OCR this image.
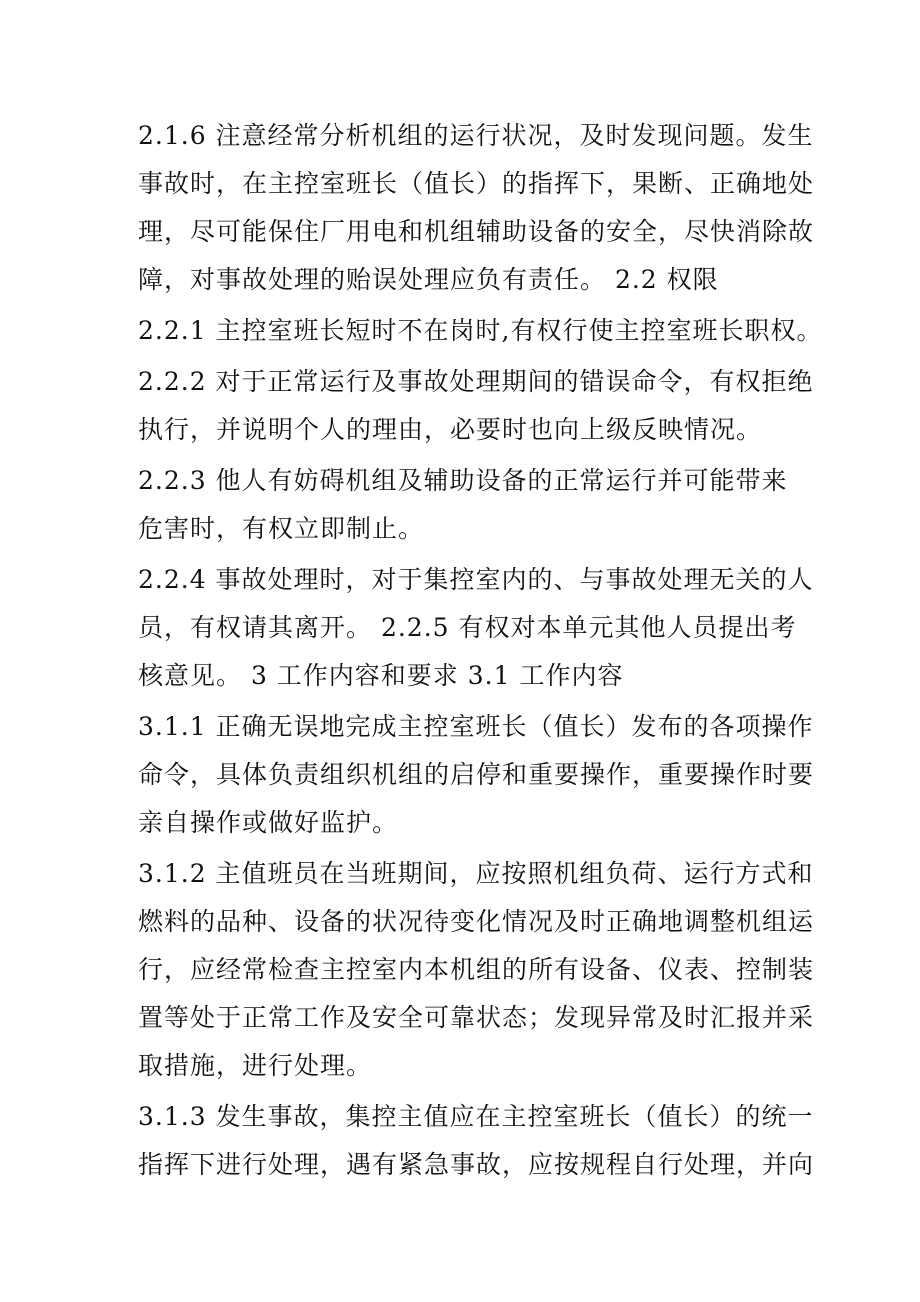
2.1.6 注意经常分析机组的运行状况，及时发现问题。发生
事故时，在主控室班长（值长）的指挥下，果断、正确地处
理，尽可能保住厂用电和机组辅助设备的安全，尽快消除故
障，对事故处理的贻误处理应负有责任。 2.2 权限
2.2.1 主控室班长短时不在岗时,有权行使主控室班长职权。
2.2.2 对于正常运行及事故处理期间的错误命令，有权拒绝
执行，并说明个人的理由，必要时也向上级反映情况。
2.2.3 他人有妨碍机组及辅助设备的正常运行并可能带来
危害时，有权立即制止。
2.2.4 事故处理时，对于集控室内的、与事故处理无关的人
员，有权请其离开。 2.2.5 有权对本单元其他人员提出考
核意见。 3 工作内容和要求 3.1 工作内容
3.1.1 正确无误地完成主控室班长（值长）发布的各项操作
命令，具体负责组织机组的启停和重要操作，重要操作时要
亲自操作或做好监护。
3.1.2 主值班员在当班期间，应按照机组负荷、运行方式和
燃料的品种、设备的状况待变化情况及时正确地调整机组运
行，应经常检查主控室内本机组的所有设备、仪表、控制装
置等处于正常工作及安全可靠状态；发现异常及时汇报并采
取措施，进行处理。
3.1.3 发生事故，集控主值应在主控室班长（值长）的统一
指挥下进行处理，遇有紧急事故，应按规程自行处理，并向
